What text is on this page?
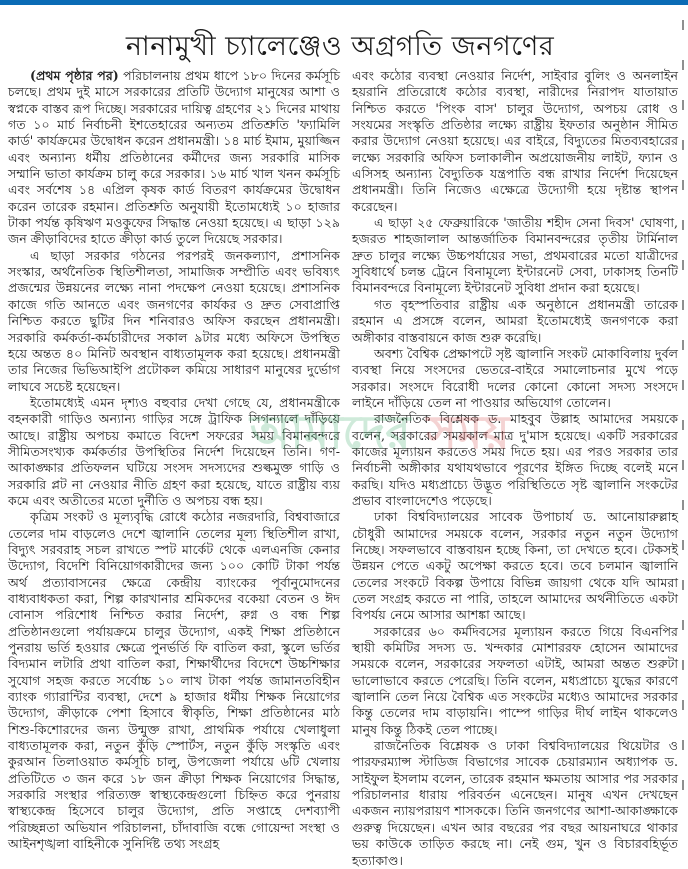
নানামুখী চ্যালেঞ্জেও অগ্রগতি জনগণের

(প্রথম পৃষ্ঠার পর) পরিচালনায় প্রথম ধাপে ১৮০ দিনের কর্মসূচি চলছে। প্রথম দুই মাসে সরকারের প্রতিটি উদ্যোগ মানুষের আশা ও স্বপ্নকে বাস্তব রূপ দিচ্ছে। সরকারের দায়িত্ব গ্রহণের ২১ দিনের মাথায় গত ১০ মার্চ নির্বাচনী ইশতেহারের অন্যতম প্রতিশ্রুতি 'ফ্যামিলি কার্ড' কার্যক্রমের উদ্বোধন করেন প্রধানমন্ত্রী। ১৪ মার্চ ইমাম, মুয়াজ্জিন এবং অন্যান্য ধর্মীয় প্রতিষ্ঠানের কর্মীদের জন্য সরকারি মাসিক সম্মানি ভাতা কার্যক্রম চালু করে সরকার। ১৬ মার্চ খাল খনন কর্মসূচি এবং সর্বশেষ ১৪ এপ্রিল কৃষক কার্ড বিতরণ কার্যক্রমের উদ্বোধন করেন তারেক রহমান। প্রতিশ্রুতি অনুযায়ী ইতোমধ্যেই ১০ হাজার টাকা পর্যন্ত কৃষিঋণ মওকুফের সিদ্ধান্ত নেওয়া হয়েছে। এ ছাড়া ১২৯ জন ক্রীড়াবিদের হাতে ক্রীড়া কার্ড তুলে দিয়েছে সরকার।

এ ছাড়া সরকার গঠনের পরপরই জনকল্যাণ, প্রশাসনিক সংস্কার, অর্থনৈতিক স্থিতিশীলতা, সামাজিক সম্প্রীতি এবং ভবিষ্যৎ প্রজন্মের উন্নয়নের লক্ষ্যে নানা পদক্ষেপ নেওয়া হয়েছে। প্রশাসনিক কাজে গতি আনতে এবং জনগণের কার্যকর ও দ্রুত সেবাপ্রাপ্তি নিশ্চিত করতে ছুটির দিন শনিবারও অফিস করছেন প্রধানমন্ত্রী। সরকারি কর্মকর্তা-কর্মচারীদের সকাল ৯টার মধ্যে অফিসে উপস্থিত হয়ে অন্তত ৪০ মিনিট অবস্থান বাধ্যতামূলক করা হয়েছে। প্রধানমন্ত্রী তার নিজের ভিভিআইপি প্রটোকল কমিয়ে সাধারণ মানুষের দুর্ভোগ লাঘবে সচেষ্ট হয়েছেন।

ইতোমধ্যেই এমন দৃশ্যও বহুবার দেখা গেছে যে, প্রধানমন্ত্রীকে বহনকারী গাড়িও অন্যান্য গাড়ির সঙ্গে ট্রাফিক সিগন্যালে দাঁড়িয়ে আছে। রাষ্ট্রীয় অপচয় কমাতে বিদেশ সফরের সময় বিমানবন্দরে সীমিতসংখ্যক কর্মকর্তার উপস্থিতির নির্দেশ দিয়েছেন তিনি। গণ-আকাঙ্ক্ষার প্রতিফলন ঘটিয়ে সংসদ সদস্যদের শুল্কমুক্ত গাড়ি ও সরকারি প্লট না নেওয়ার নীতি গ্রহণ করা হয়েছে, যাতে রাষ্ট্রীয় ব্যয় কমে এবং অতীতের মতো দুর্নীতি ও অপচয় বন্ধ হয়।

কৃত্রিম সংকট ও মূল্যবৃদ্ধি রোধে কঠোর নজরদারি, বিশ্ববাজারে তেলের দাম বাড়লেও দেশে জ্বালানি তেলের মূল্য স্থিতিশীল রাখা, বিদ্যুৎ সরবরাহ সচল রাখতে স্পট মার্কেট থেকে এলএনজি কেনার উদ্যোগ, বিদেশি বিনিয়োগকারীদের জন্য ১০০ কোটি টাকা পর্যন্ত অর্থ প্রত্যাবাসনের ক্ষেত্রে কেন্দ্রীয় ব্যাংকের পূর্বানুমোদনের বাধ্যবাধকতা করা, শিল্প কারখানার শ্রমিকদের বকেয়া বেতন ও ঈদ বোনাস পরিশোধ নিশ্চিত করার নির্দেশ, রুগ্ন ও বন্ধ শিল্প প্রতিষ্ঠানগুলো পর্যায়ক্রমে চালুর উদ্যোগ, একই শিক্ষা প্রতিষ্ঠানে পুনরায় ভর্তি হওয়ার ক্ষেত্রে পুনর্ভর্তি ফি বাতিল করা, স্কুলে ভর্তির বিদ্যমান লটারি প্রথা বাতিল করা, শিক্ষার্থীদের বিদেশে উচ্চশিক্ষার সুযোগ সহজ করতে সর্বোচ্চ ১০ লাখ টাকা পর্যন্ত জামানতবিহীন ব্যাংক গ্যারান্টির ব্যবস্থা, দেশে ৯ হাজার ধর্মীয় শিক্ষক নিয়োগের উদ্যোগ, ক্রীড়াকে পেশা হিসাবে স্বীকৃতি, শিক্ষা প্রতিষ্ঠানের মাঠ শিশু-কিশোরদের জন্য উন্মুক্ত রাখা, প্রাথমিক পর্যায়ে খেলাধুলা বাধ্যতামূলক করা, নতুন কুঁড়ি স্পোর্টস, নতুন কুঁড়ি সংস্কৃতি এবং কুরআন তিলাওয়াত কর্মসূচি চালু, উপজেলা পর্যায়ে ৬টি খেলায় প্রতিটিতে ৩ জন করে ১৮ জন ক্রীড়া শিক্ষক নিয়োগের সিদ্ধান্ত, সরকারি সংস্থার পরিত্যক্ত স্বাস্থ্যকেন্দ্রগুলো চিহ্নিত করে পুনরায় স্বাস্থ্যকেন্দ্র হিসেবে চালুর উদ্যোগ, প্রতি সপ্তাহে দেশব্যাপী পরিচ্ছন্নতা অভিযান পরিচালনা, চাঁদাবাজি বন্ধে গোয়েন্দা সংস্থা ও আইনশৃঙ্খলা বাহিনীকে সুনির্দিষ্ট তথ্য সংগ্রহ

এবং কঠোর ব্যবস্থা নেওয়ার নির্দেশ, সাইবার বুলিং ও অনলাইন হয়রানি প্রতিরোধে কঠোর ব্যবস্থা, নারীদের নিরাপদ যাতায়াত নিশ্চিত করতে 'পিংক বাস' চালুর উদ্যোগ, অপচয় রোধ ও সংযমের সংস্কৃতি প্রতিষ্ঠার লক্ষ্যে রাষ্ট্রীয় ইফতার অনুষ্ঠান সীমিত করার উদ্যোগ নেওয়া হয়েছে। এর বাইরে, বিদ্যুতের মিতব্যবহারের লক্ষ্যে সরকারি অফিস চলাকালীন অপ্রয়োজনীয় লাইট, ফ্যান ও এসিসহ অন্যান্য বৈদ্যুতিক যন্ত্রপাতি বন্ধ রাখার নির্দেশ দিয়েছেন প্রধানমন্ত্রী। তিনি নিজেও এক্ষেত্রে উদ্যোগী হয়ে দৃষ্টান্ত স্থাপন করেছেন।

এ ছাড়া ২৫ ফেব্রুয়ারিকে 'জাতীয় শহীদ সেনা দিবস' ঘোষণা, হজরত শাহজালাল আন্তর্জাতিক বিমানবন্দরের তৃতীয় টার্মিনাল দ্রুত চালুর লক্ষ্যে উচ্চপর্যায়ের সভা, প্রথমবারের মতো যাত্রীদের সুবিধার্থে চলন্ত ট্রেনে বিনামূল্যে ইন্টারনেট সেবা, ঢাকাসহ তিনটি বিমানবন্দরে বিনামূল্যে ইন্টারনেট সুবিধা প্রদান করা হয়েছে।

গত বৃহস্পতিবার রাষ্ট্রীয় এক অনুষ্ঠানে প্রধানমন্ত্রী তারেক রহমান এ প্রসঙ্গে বলেন, আমরা ইতোমধ্যেই জনগণকে করা অঙ্গীকার বাস্তবায়নে কাজ শুরু করেছি।

অবশ্য বৈশ্বিক প্রেক্ষাপটে সৃষ্ট জ্বালানি সংকট মোকাবিলায় দুর্বল ব্যবস্থা নিয়ে সংসদের ভেতরে-বাইরে সমালোচনার মুখে পড়ে সরকার। সংসদে বিরোধী দলের কোনো কোনো সদস্য সংসদে লাইনে দাঁড়িয়ে তেল না পাওয়ার অভিযোগ তোলেন।

রাজনৈতিক বিশ্লেষক ড. মাহবুব উল্লাহ আমাদের সময়কে বলেন, সরকারের সময়কাল মাত্র দু'মাস হয়েছে। একটি সরকারের কাজের মূল্যায়ন করতেও সময় দিতে হয়। এর পরও সরকার তার নির্বাচনী অঙ্গীকার যথাযথভাবে পূরণের ইঙ্গিত দিচ্ছে বলেই মনে করছি। যদিও মধ্যপ্রাচ্যে উদ্ভূত পরিস্থিতিতে সৃষ্ট জ্বালানি সংকটের প্রভাব বাংলাদেশেও পড়েছে।

ঢাকা বিশ্ববিদ্যালয়ের সাবেক উপাচার্য ড. আনোয়ারুল্লাহ চৌধুরী আমাদের সময়কে বলেন, সরকার নতুন নতুন উদ্যোগ নিচ্ছে। সফলভাবে বাস্তবায়ন হচ্ছে কিনা, তা দেখতে হবে। টেকসই উন্নয়ন পেতে একটু অপেক্ষা করতে হবে। তবে চলমান জ্বালানি তেলের সংকটে বিকল্প উপায়ে বিভিন্ন জায়গা থেকে যদি আমরা তেল সংগ্রহ করতে না পারি, তাহলে আমাদের অর্থনীতিতে একটা বিপর্যয় নেমে আসার আশঙ্কা আছে।

সরকারের ৬০ কর্মদিবসের মূল্যায়ন করতে গিয়ে বিএনপির স্থায়ী কমিটির সদস্য ড. খন্দকার মোশাররফ হোসেন আমাদের সময়কে বলেন, সরকারের সফলতা এটাই, আমরা অন্তত শুরুটা ভালোভাবে করতে পেরেছি। তিনি বলেন, মধ্যপ্রাচ্যে যুদ্ধের কারণে জ্বালানি তেল নিয়ে বৈশ্বিক এত সংকটের মধ্যেও আমাদের সরকার কিন্তু তেলের দাম বাড়ায়নি। পাম্পে গাড়ির দীর্ঘ লাইন থাকলেও মানুষ কিন্তু ঠিকই তেল পাচ্ছে।

রাজনৈতিক বিশ্লেষক ও ঢাকা বিশ্ববিদ্যালয়ের থিয়েটার ও পারফরম্যান্স স্টাডিজ বিভাগের সাবেক চেয়ারম্যান অধ্যাপক ড. সাইফুল ইসলাম বলেন, তারেক রহমান ক্ষমতায় আসার পর সরকার পরিচালনার ধারায় পরিবর্তন এনেছেন। মানুষ এখন দেখছেন একজন ন্যায়পরায়ণ শাসককে। তিনি জনগণের আশা-আকাঙ্ক্ষাকে গুরুত্ব দিয়েছেন। এখন আর বছরের পর বছর আয়নাঘরে থাকার ভয় কাউকে তাড়িত করছে না। নেই গুম, খুন ও বিচারবহির্ভূত হত্যাকাণ্ড।

আমাদের সময়
